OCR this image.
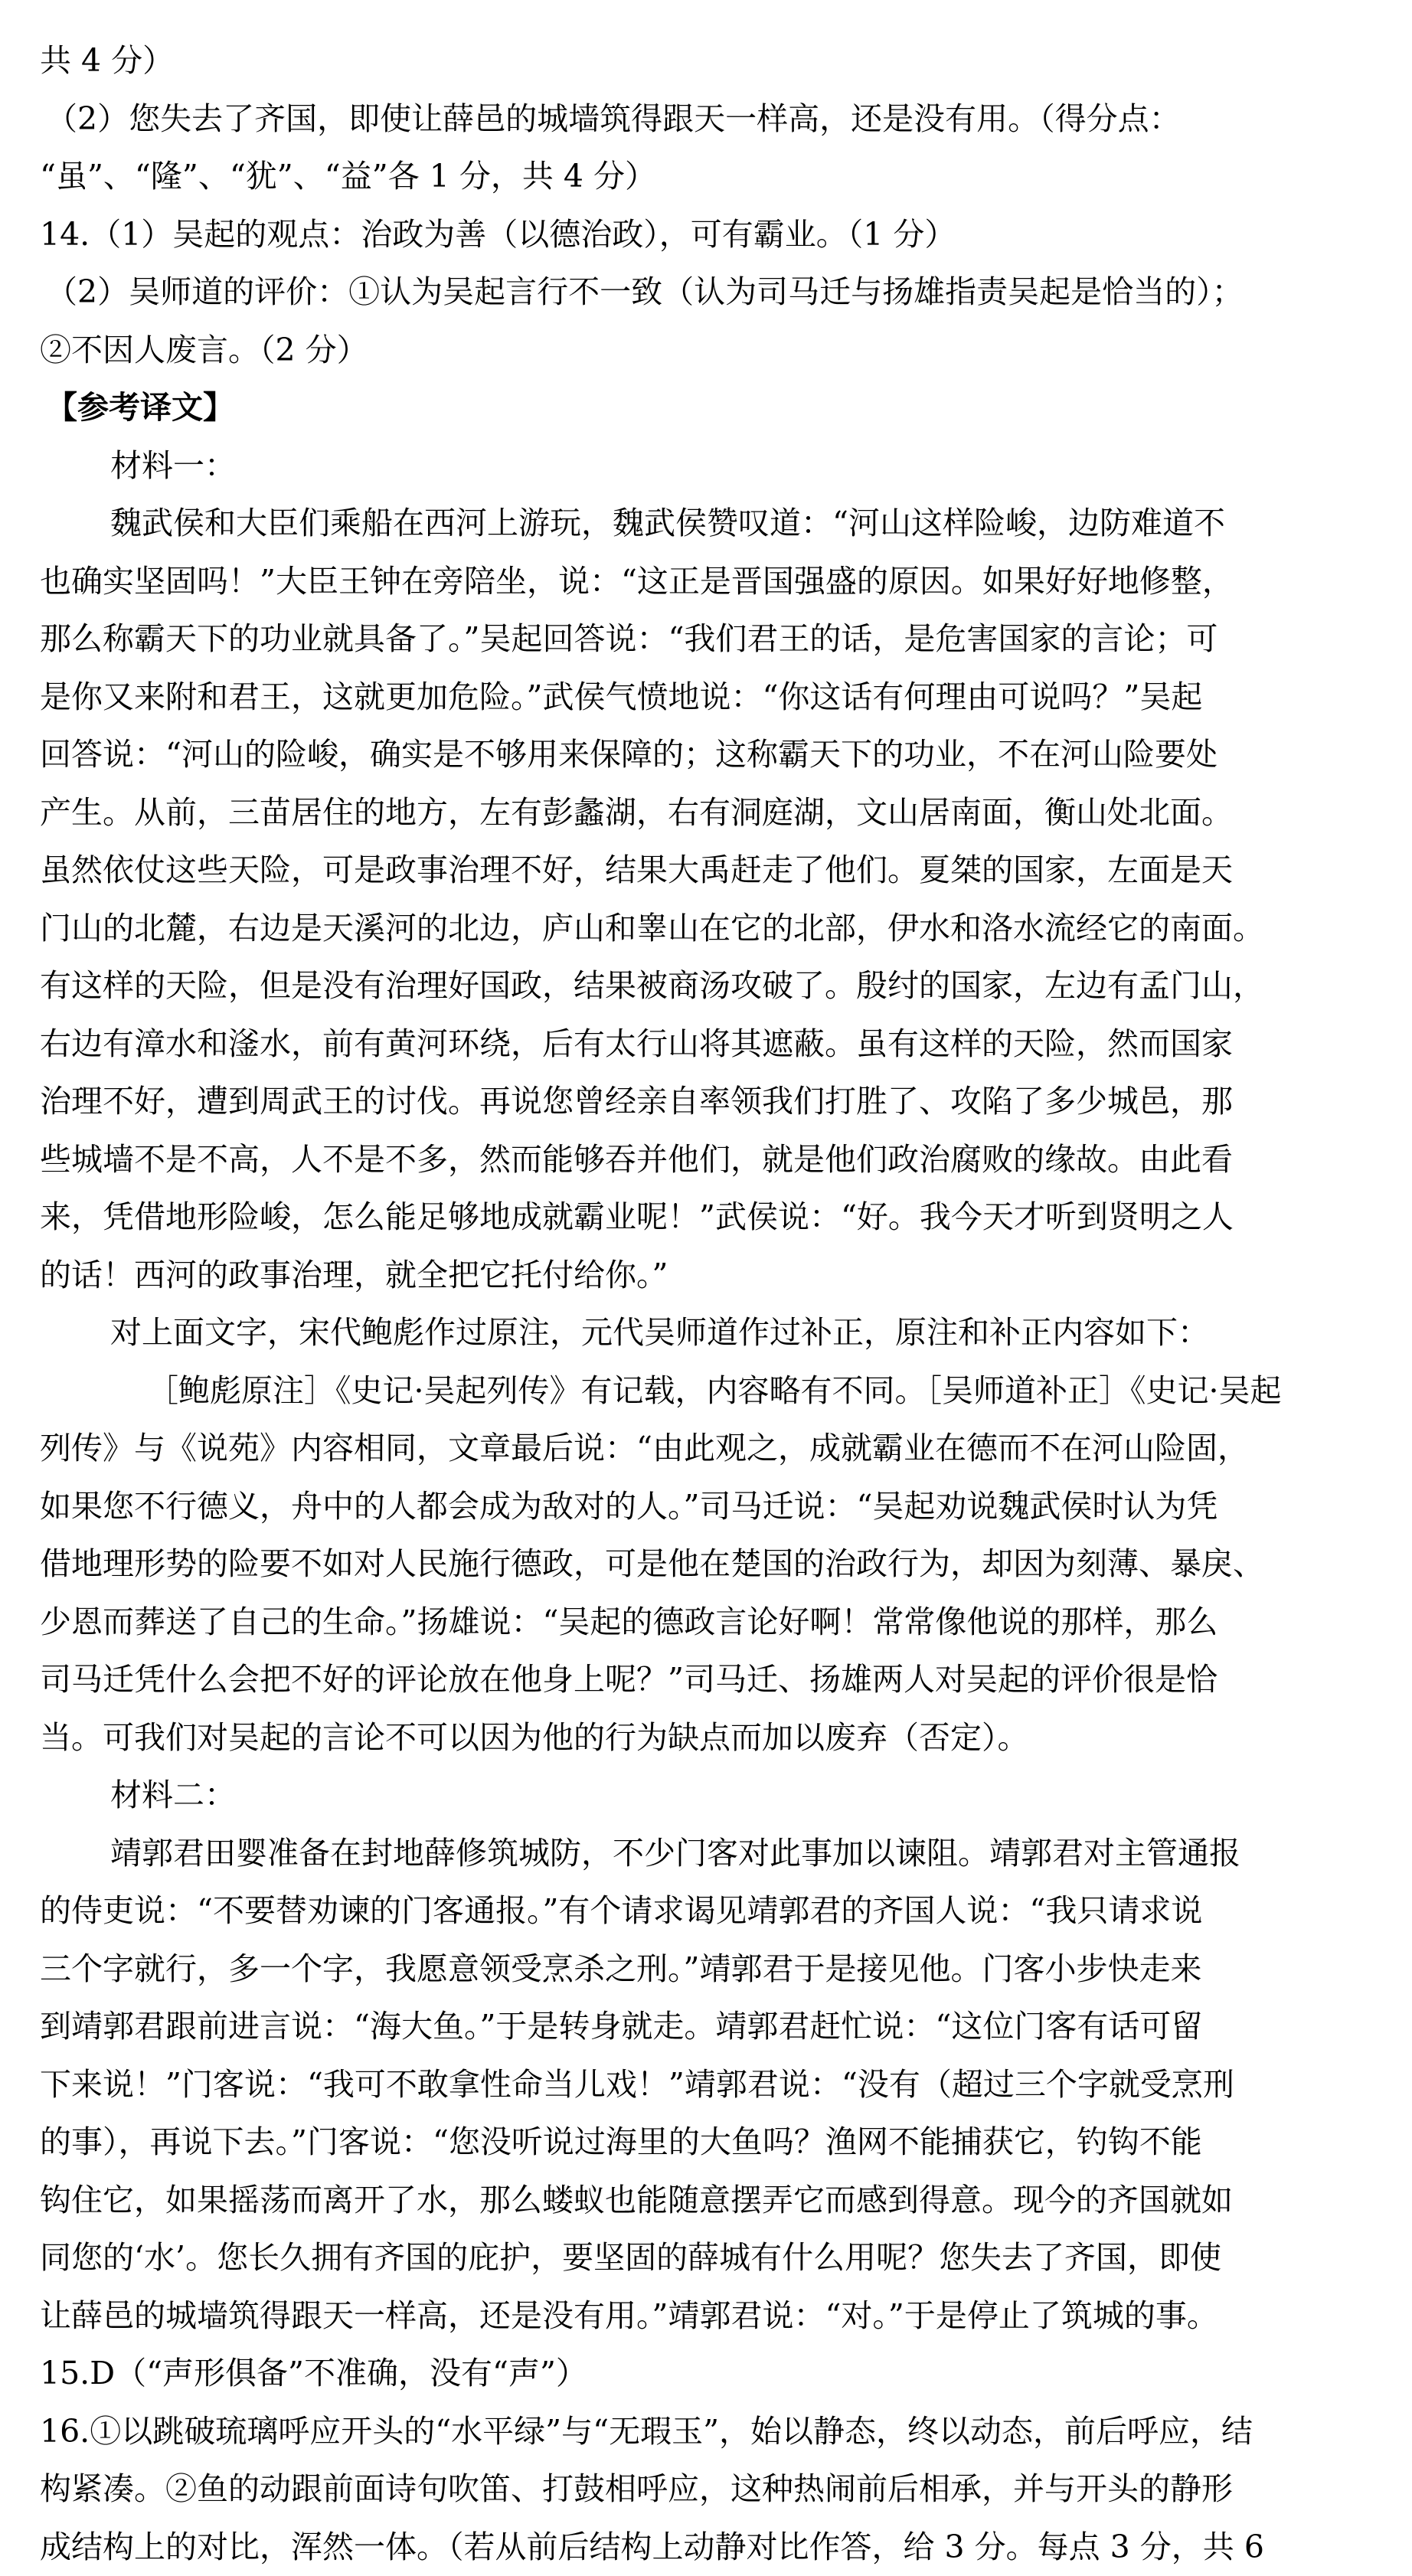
共 4 分）
（2）您失去了齐国，即使让薛邑的城墙筑得跟天一样高，还是没有用。（得分点：
“虽”、“隆”、“犹”、“益”各 1 分，共 4 分）
14.（1）吴起的观点：治政为善（以德治政），可有霸业。（1 分）
（2）吴师道的评价：①认为吴起言行不一致（认为司马迁与扬雄指责吴起是恰当的）；
②不因人废言。（2 分）
【参考译文】
材料一：
魏武侯和大臣们乘船在西河上游玩，魏武侯赞叹道：“河山这样险峻，边防难道不
也确实坚固吗！”大臣王钟在旁陪坐，说：“这正是晋国强盛的原因。如果好好地修整，
那么称霸天下的功业就具备了。”吴起回答说：“我们君王的话，是危害国家的言论；可
是你又来附和君王，这就更加危险。”武侯气愤地说：“你这话有何理由可说吗？”吴起
回答说：“河山的险峻，确实是不够用来保障的；这称霸天下的功业，不在河山险要处
产生。从前，三苗居住的地方，左有彭蠡湖，右有洞庭湖，文山居南面，衡山处北面。
虽然依仗这些天险，可是政事治理不好，结果大禹赶走了他们。夏桀的国家，左面是天
门山的北麓，右边是天溪河的北边，庐山和睾山在它的北部，伊水和洛水流经它的南面。
有这样的天险，但是没有治理好国政，结果被商汤攻破了。殷纣的国家，左边有孟门山，
右边有漳水和滏水，前有黄河环绕，后有太行山将其遮蔽。虽有这样的天险，然而国家
治理不好，遭到周武王的讨伐。再说您曾经亲自率领我们打胜了、攻陷了多少城邑，那
些城墙不是不高，人不是不多，然而能够吞并他们，就是他们政治腐败的缘故。由此看
来，凭借地形险峻，怎么能足够地成就霸业呢！”武侯说：“好。我今天才听到贤明之人
的话！西河的政事治理，就全把它托付给你。”
对上面文字，宋代鲍彪作过原注，元代吴师道作过补正，原注和补正内容如下：
［鲍彪原注］《史记·吴起列传》有记载，内容略有不同。［吴师道补正］《史记·吴起
列传》与《说苑》内容相同，文章最后说：“由此观之，成就霸业在德而不在河山险固，
如果您不行德义，舟中的人都会成为敌对的人。”司马迁说：“吴起劝说魏武侯时认为凭
借地理形势的险要不如对人民施行德政，可是他在楚国的治政行为，却因为刻薄、暴戾、
少恩而葬送了自己的生命。”扬雄说：“吴起的德政言论好啊！常常像他说的那样，那么
司马迁凭什么会把不好的评论放在他身上呢？”司马迁、扬雄两人对吴起的评价很是恰
当。可我们对吴起的言论不可以因为他的行为缺点而加以废弃（否定）。
材料二：
靖郭君田婴准备在封地薛修筑城防，不少门客对此事加以谏阻。靖郭君对主管通报
的侍吏说：“不要替劝谏的门客通报。”有个请求谒见靖郭君的齐国人说：“我只请求说
三个字就行，多一个字，我愿意领受烹杀之刑。”靖郭君于是接见他。门客小步快走来
到靖郭君跟前进言说：“海大鱼。”于是转身就走。靖郭君赶忙说：“这位门客有话可留
下来说！”门客说：“我可不敢拿性命当儿戏！”靖郭君说：“没有（超过三个字就受烹刑
的事），再说下去。”门客说：“您没听说过海里的大鱼吗？渔网不能捕获它，钓钩不能
钩住它，如果摇荡而离开了水，那么蝼蚁也能随意摆弄它而感到得意。现今的齐国就如
同您的‘水’。您长久拥有齐国的庇护，要坚固的薛城有什么用呢？您失去了齐国，即使
让薛邑的城墙筑得跟天一样高，还是没有用。”靖郭君说：“对。”于是停止了筑城的事。
15.D（“声形俱备”不准确，没有“声”）
16.①以跳破琉璃呼应开头的“水平绿”与“无瑕玉”，始以静态，终以动态，前后呼应，结
构紧凑。②鱼的动跟前面诗句吹笛、打鼓相呼应，这种热闹前后相承，并与开头的静形
成结构上的对比，浑然一体。（若从前后结构上动静对比作答，给 3 分。每点 3 分，共 6
